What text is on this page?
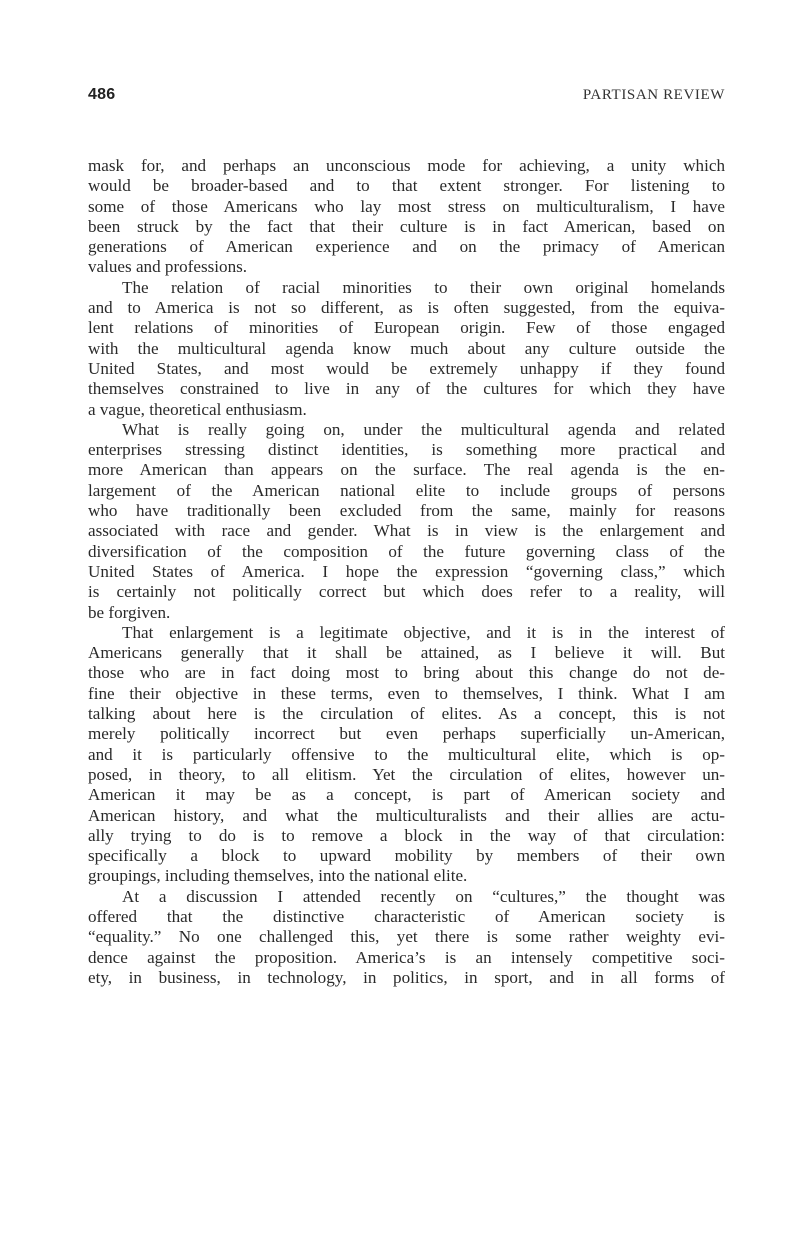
486	PARTISAN REVIEW
mask for, and perhaps an unconscious mode for achieving, a unity which
would be broader-based and to that extent stronger. For listening to
some of those Americans who lay most stress on multiculturalism, I have
been struck by the fact that their culture is in fact American, based on
generations of American experience and on the primacy of American
values and professions.
The relation of racial minorities to their own original homelands
and to America is not so different, as is often suggested, from the equiva-
lent relations of minorities of European origin. Few of those engaged
with the multicultural agenda know much about any culture outside the
United States, and most would be extremely unhappy if they found
themselves constrained to live in any of the cultures for which they have
a vague, theoretical enthusiasm.
What is really going on, under the multicultural agenda and related
enterprises stressing distinct identities, is something more practical and
more American than appears on the surface. The real agenda is the en-
largement of the American national elite to include groups of persons
who have traditionally been excluded from the same, mainly for reasons
associated with race and gender. What is in view is the enlargement and
diversification of the composition of the future governing class of the
United States of America. I hope the expression “governing class,” which
is certainly not politically correct but which does refer to a reality, will
be forgiven.
That enlargement is a legitimate objective, and it is in the interest of
Americans generally that it shall be attained, as I believe it will. But
those who are in fact doing most to bring about this change do not de-
fine their objective in these terms, even to themselves, I think. What I am
talking about here is the circulation of elites. As a concept, this is not
merely politically incorrect but even perhaps superficially un-American,
and it is particularly offensive to the multicultural elite, which is op-
posed, in theory, to all elitism. Yet the circulation of elites, however un-
American it may be as a concept, is part of American society and
American history, and what the multiculturalists and their allies are actu-
ally trying to do is to remove a block in the way of that circulation:
specifically a block to upward mobility by members of their own
groupings, including themselves, into the national elite.
At a discussion I attended recently on “cultures,” the thought was
offered that the distinctive characteristic of American society is
“equality.” No one challenged this, yet there is some rather weighty evi-
dence against the proposition. America’s is an intensely competitive soci-
ety, in business, in technology, in politics, in sport, and in all forms of
